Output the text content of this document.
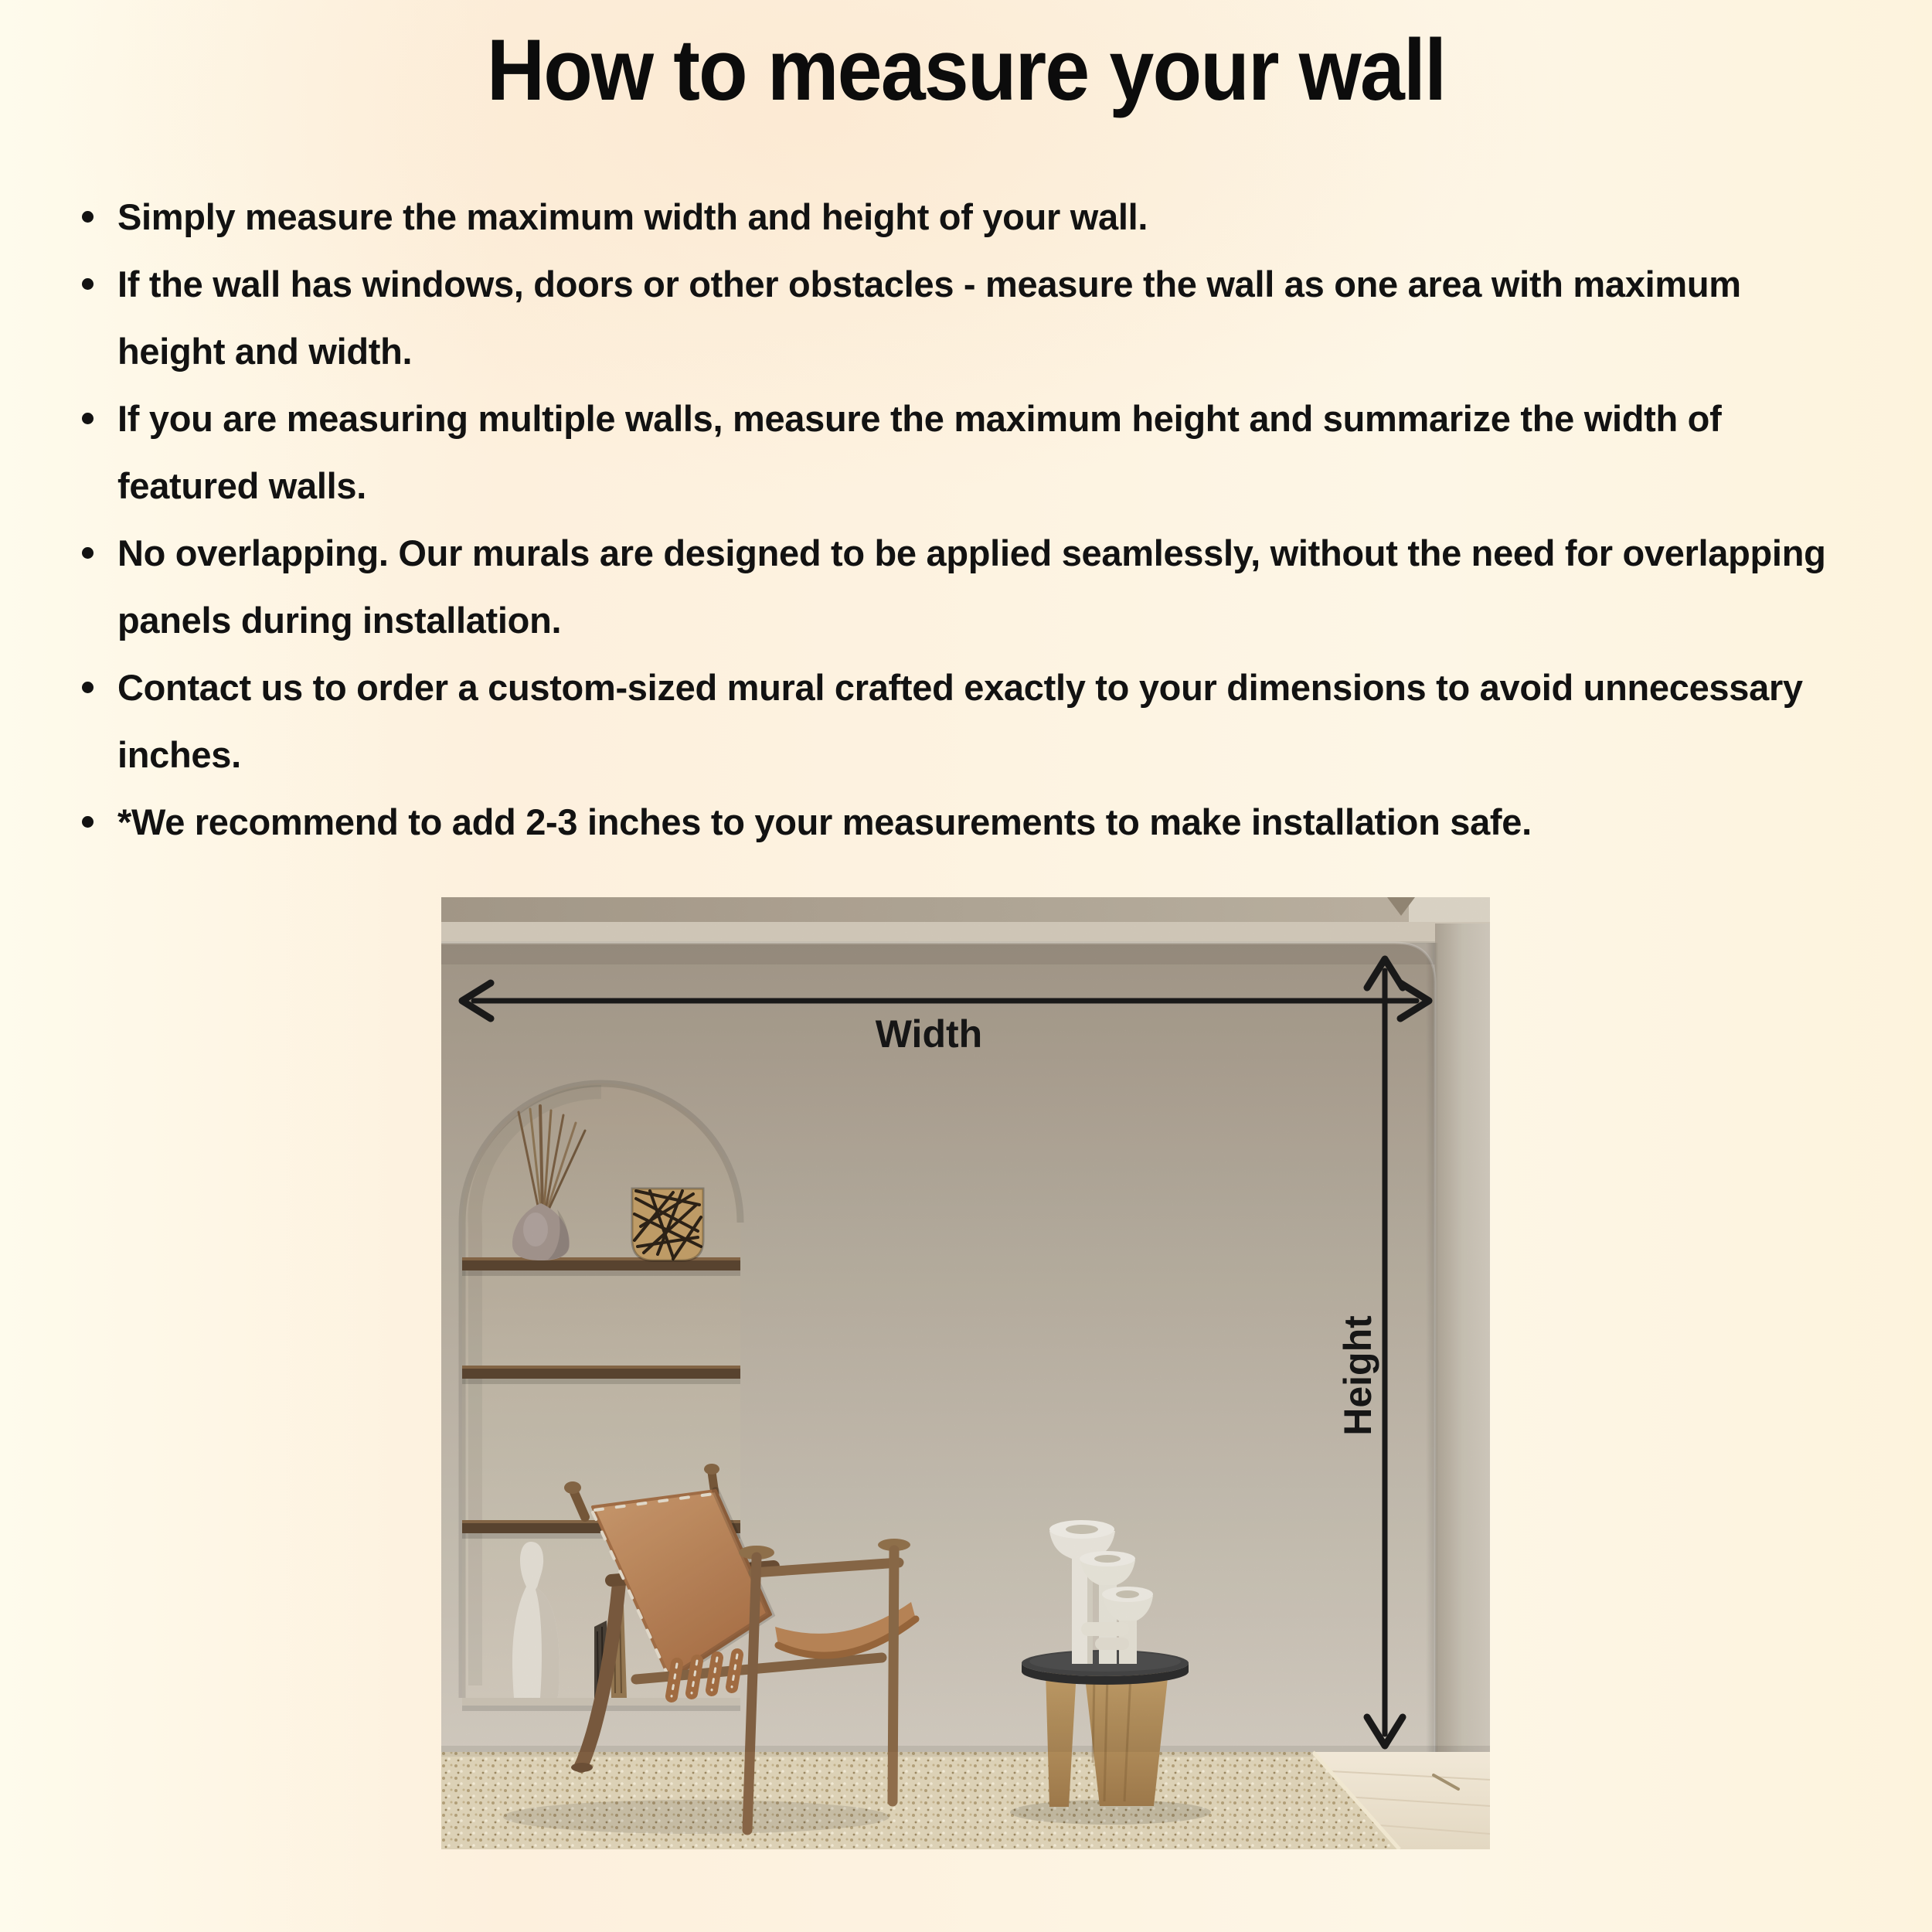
How to measure your wall
Simply measure the maximum width and height of your wall.
If the wall has windows, doors or other obstacles - measure the wall as one area with maximum height and width.
If you are measuring multiple walls, measure the maximum height and summarize the width of featured walls.
No overlapping. Our murals are designed to be applied seamlessly, without the need for overlapping panels during installation.
Contact us to order a custom-sized mural crafted exactly to your dimensions to avoid unnecessary inches.
*We recommend to add 2-3 inches to your measurements to make installation safe.
Width
Height
